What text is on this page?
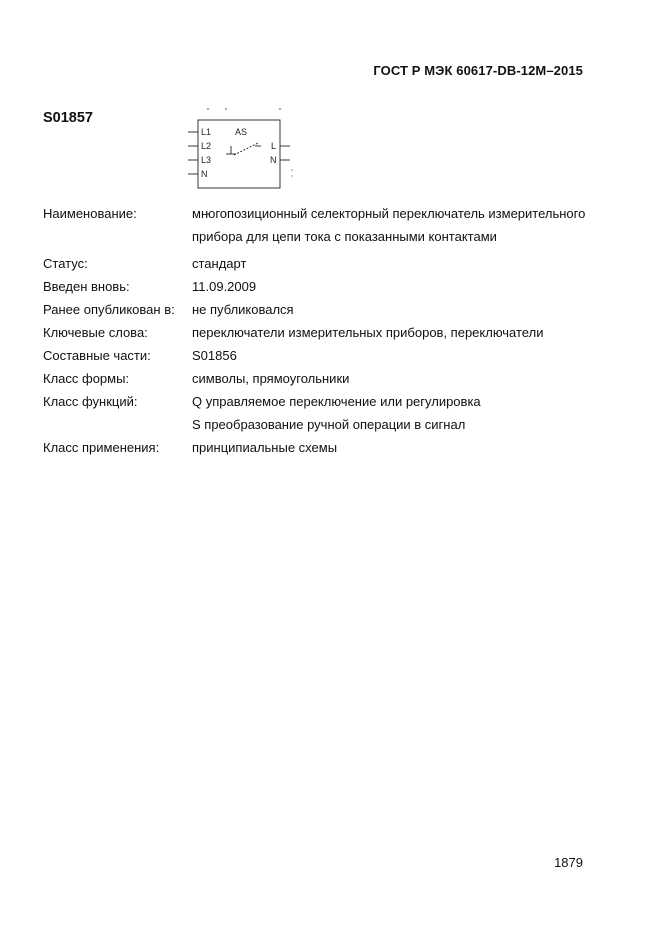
ГОСТ Р МЭК 60617-DB-12М–2015
S01857
L1
L2
L3
N
AS
L
N
Наименование:	многопозиционный селекторный переключатель измерительного
прибора для цепи тока с показанными контактами
Статус:	стандарт
Введен вновь:	11.09.2009
Ранее опубликован в: не публиковался
Ключевые слова:	переключатели измерительных приборов, переключатели
Составные части:	S01856
Класс формы:	символы, прямоугольники
Класс функций:	Q управляемое переключение или регулировка
S преобразование ручной операции в сигнал
Класс применения:	принципиальные схемы
1879
